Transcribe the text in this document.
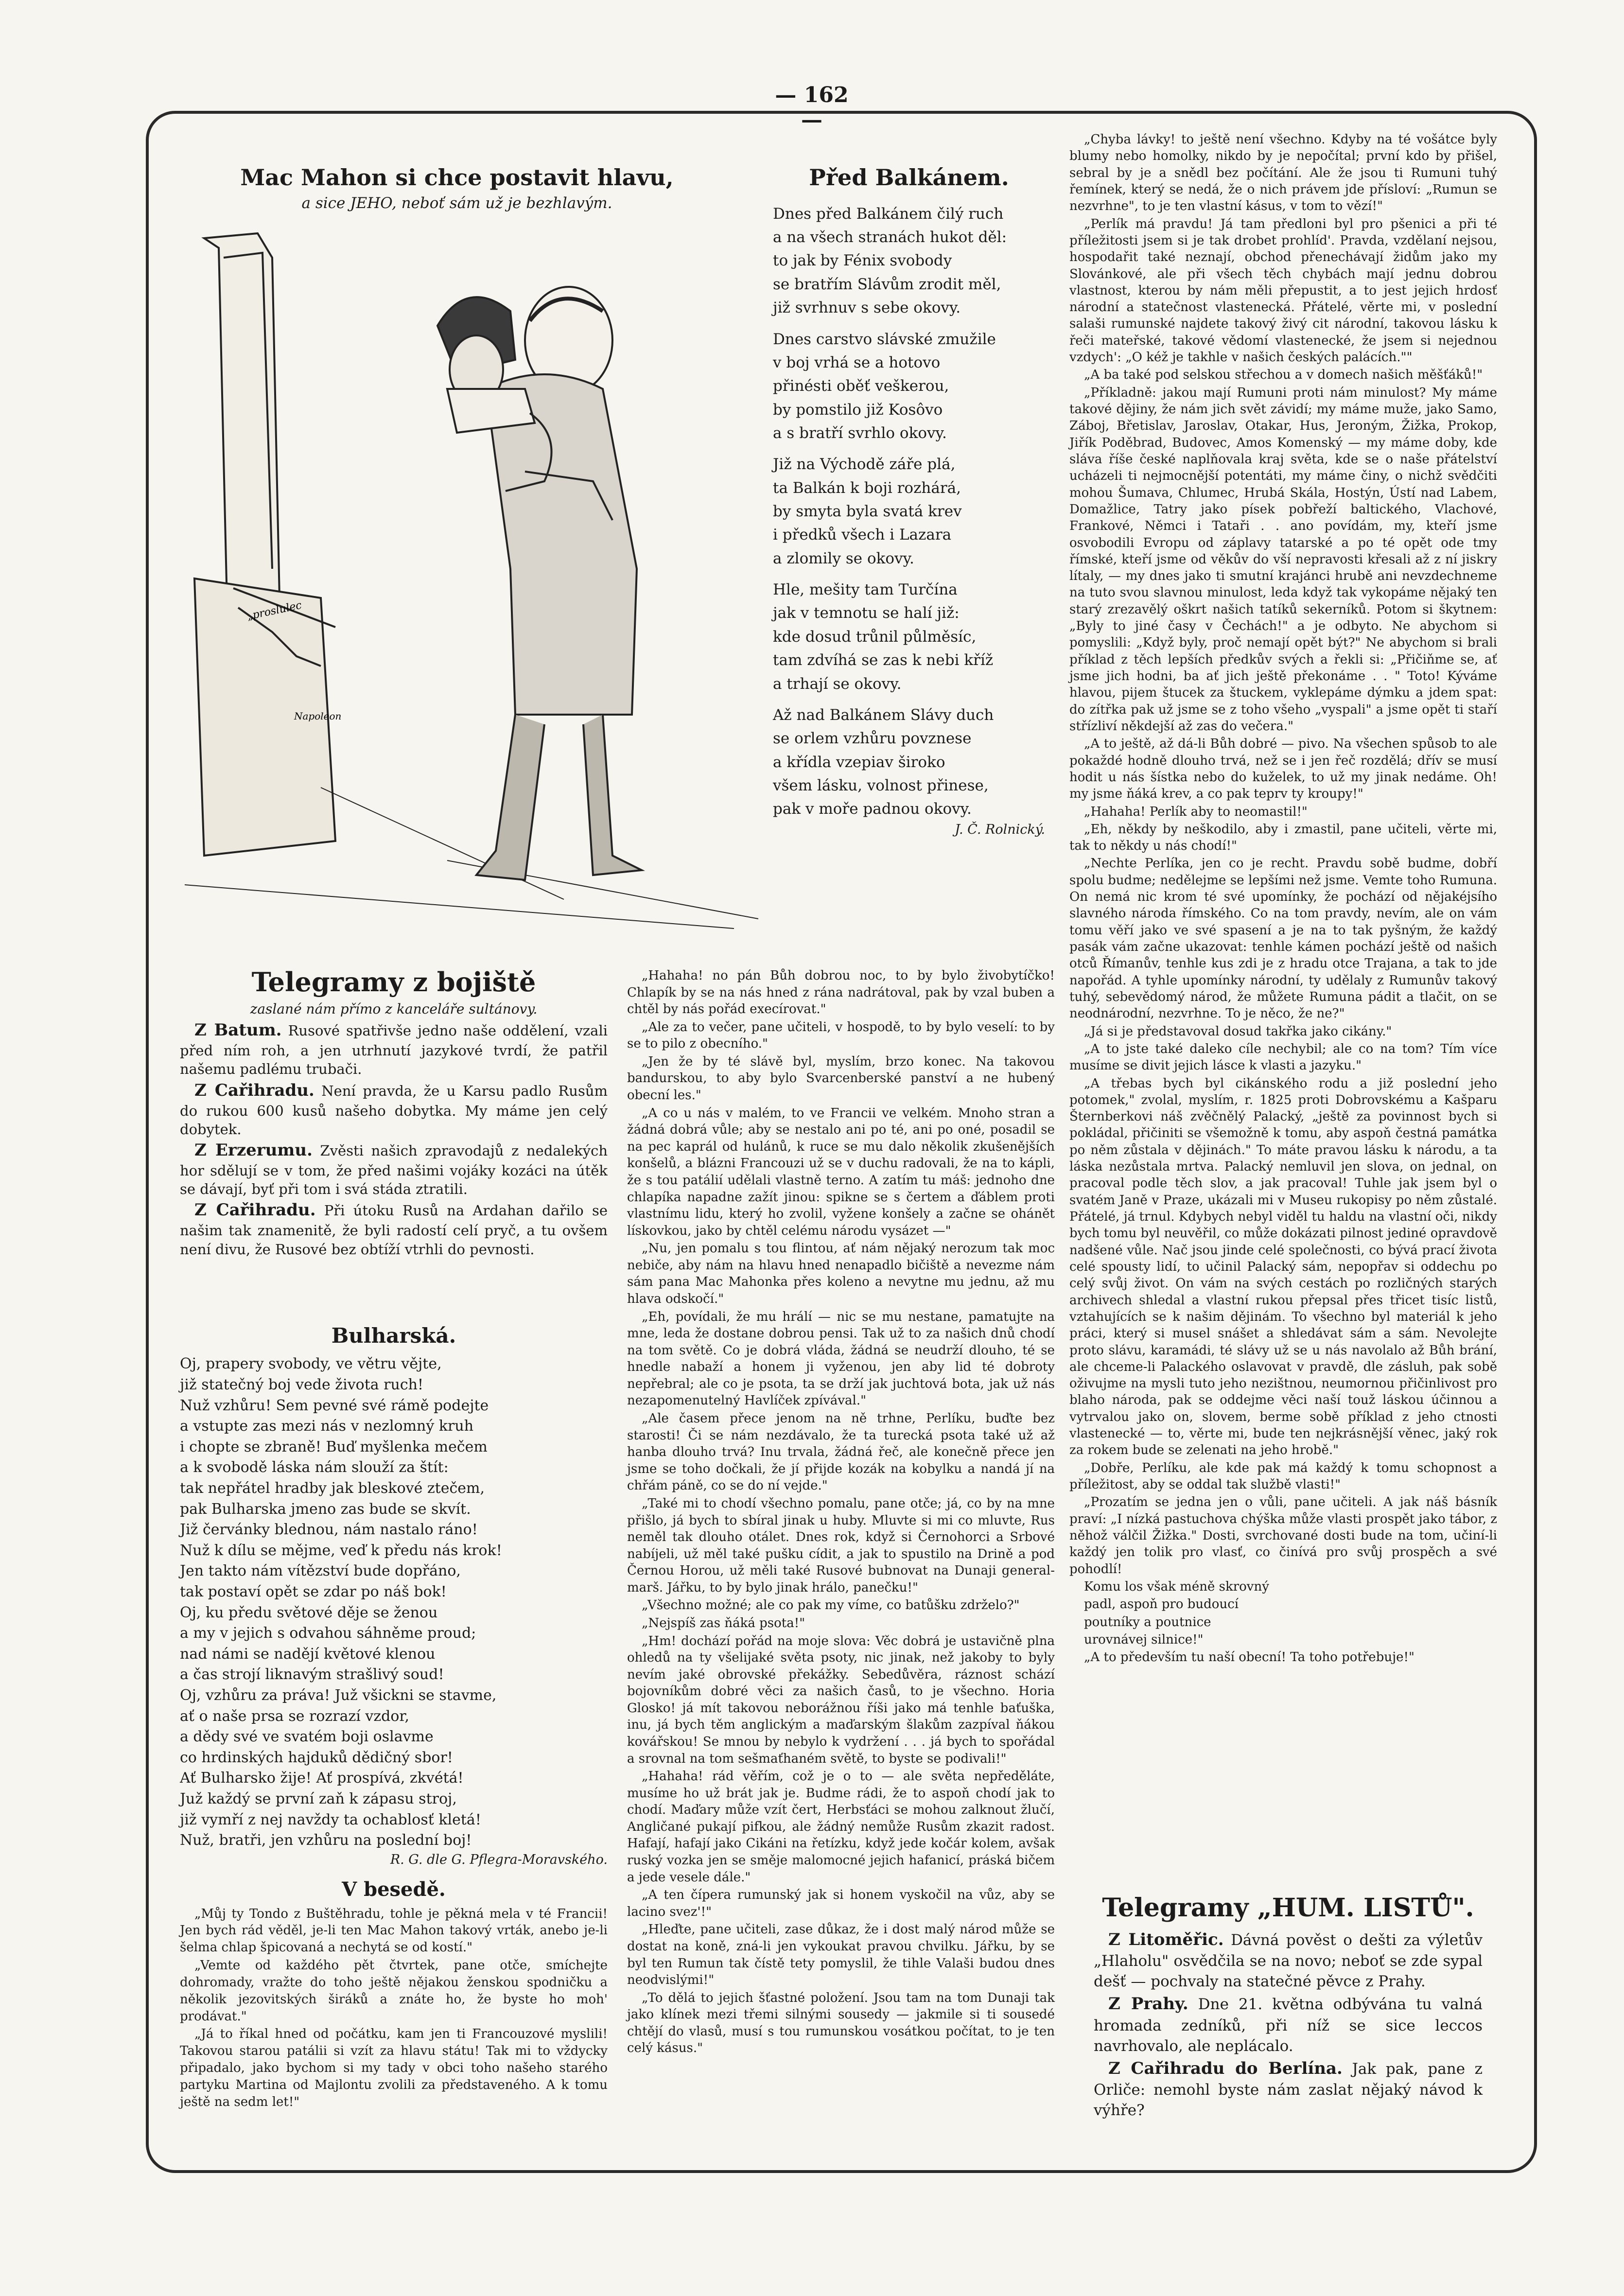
— 162 —

Mac Mahon si chce postavit hlavu,

a sice JEHO, neboť sám už je bezhlavým.

„proslulec
Napoleon

Telegramy z bojiště

zaslané nám přímo z kanceláře sultánovy.

Z Batum. Rusové spatřivše jedno naše oddělení, vzali před ním roh, a jen utrhnutí jazykové tvrdí, že patřil našemu padlému trubači.

Z Cařihradu. Není pravda, že u Karsu padlo Rusům do rukou 600 kusů našeho dobytka. My máme jen celý dobytek.

Z Erzerumu. Zvěsti našich zpravodajů z nedalekých hor sdělují se v tom, že před našimi vojáky kozáci na útěk se dávají, byť při tom i svá stáda ztratili.

Z Cařihradu. Při útoku Rusů na Ardahan dařilo se našim tak znamenitě, že byli radostí celí pryč, a tu ovšem není divu, že Rusové bez obtíží vtrhli do pevnosti.

Bulharská.

Oj, prapery svobody, ve větru vějte,
již statečný boj vede života ruch!
Nuž vzhůru! Sem pevné své rámě podejte
a vstupte zas mezi nás v nezlomný kruh
i chopte se zbraně! Buď myšlenka mečem
a k svobodě láska nám slouží za štít:
tak nepřátel hradby jak bleskové ztečem,
pak Bulharska jmeno zas bude se skvít.
Již červánky blednou, nám nastalo ráno!
Nuž k dílu se mějme, veď k předu nás krok!
Jen takto nám vítězství bude dopřáno,
tak postaví opět se zdar po náš bok!
Oj, ku předu světové děje se ženou
a my v jejich s odvahou sáhněme proud;
nad námi se nadějí květové klenou
a čas strojí liknavým strašlivý soud!
Oj, vzhůru za práva! Juž všickni se stavme,
ať o naše prsa se rozrazí vzdor,
a dědy své ve svatém boji oslavme
co hrdinských hajduků dědičný sbor!
Ať Bulharsko žije! Ať prospívá, zkvétá!
Juž každý se první zaň k zápasu stroj,
již vymří z nej navždy ta ochablosť kletá!
Nuž, bratři, jen vzhůru na poslední boj!

R. G. dle G. Pflegra-Moravského.

V besedě.

„Můj ty Tondo z Buštěhradu, tohle je pěkná mela v té Francii! Jen bych rád věděl, je-li ten Mac Mahon takový vrták, anebo je-li šelma chlap špicovaná a nechytá se od kostí."

„Vemte od každého pět čtvrtek, pane otče, smíchejte dohromady, vražte do toho ještě nějakou ženskou spodničku a několik jezovitských širáků a znáte ho, že byste ho moh' prodávat."

„Já to říkal hned od počátku, kam jen ti Francouzové myslili! Takovou starou patálii si vzít za hlavu státu! Tak mi to vždycky připadalo, jako bychom si my tady v obci toho našeho starého partyku Martina od Majlontu zvolili za představeného. A k tomu ještě na sedm let!"

Před Balkánem.

Dnes před Balkánem čilý ruch
a na všech stranách hukot děl:
to jak by Fénix svobody
se bratřím Slávům zrodit měl,
již svrhnuv s sebe okovy.

Dnes carstvo slávské zmužile
v boj vrhá se a hotovo
přinésti oběť veškerou,
by pomstilo již Kosôvo
a s bratří svrhlo okovy.

Již na Východě záře plá,
ta Balkán k boji rozhárá,
by smyta byla svatá krev
i předků všech i Lazara
a zlomily se okovy.

Hle, mešity tam Turčína
jak v temnotu se halí již:
kde dosud trůnil půlměsíc,
tam zdvíhá se zas k nebi kříž
a trhají se okovy.

Až nad Balkánem Slávy duch
se orlem vzhůru povznese
a křídla vzepiav široko
všem lásku, volnost přinese,
pak v moře padnou okovy.

J. Č. Rolnický.

„Hahaha! no pán Bůh dobrou noc, to by bylo živobytíčko! Chlapík by se na nás hned z rána nadrátoval, pak by vzal buben a chtěl by nás pořád execírovat."

„Ale za to večer, pane učiteli, v hospodě, to by bylo veselí: to by se to pilo z obecního."

„Jen že by té slávě byl, myslím, brzo konec. Na takovou bandurskou, to aby bylo Svarcenberské panství a ne hubený obecní les."

„A co u nás v malém, to ve Francii ve velkém. Mnoho stran a žádná dobrá vůle; aby se nestalo ani po té, ani po oné, posadil se na pec kaprál od hulánů, k ruce se mu dalo několik zkušenějších konšelů, a blázni Francouzi už se v duchu radovali, že na to kápli, že s tou patálií udělali vlastně terno. A zatím tu máš: jednoho dne chlapíka napadne zažít jinou: spikne se s čertem a ďáblem proti vlastnímu lidu, který ho zvolil, vyžene konšely a začne se ohánět lískovkou, jako by chtěl celému národu vysázet —"

„Nu, jen pomalu s tou flintou, ať nám nějaký nerozum tak moc nebiče, aby nám na hlavu hned nenapadlo bičiště a nevezme nám sám pana Mac Mahonka přes koleno a nevytne mu jednu, až mu hlava odskočí."

„Eh, povídali, že mu hrálí — nic se mu nestane, pamatujte na mne, leda že dostane dobrou pensi. Tak už to za našich dnů chodí na tom světě. Co je dobrá vláda, žádná se neudrží dlouho, té se hnedle nabaží a honem ji vyženou, jen aby lid té dobroty nepřebral; ale co je psota, ta se drží jak juchtová bota, jak už nás nezapomenutelný Havlíček zpívával."

„Ale časem přece jenom na ně trhne, Perlíku, buďte bez starosti! Či se nám nezdávalo, že ta turecká psota také už až hanba dlouho trvá? Inu trvala, žádná řeč, ale konečně přece jen jsme se toho dočkali, že jí přijde kozák na kobylku a nandá jí na chřám páně, co se do ní vejde."

„Také mi to chodí všechno pomalu, pane otče; já, co by na mne přišlo, já bych to sbíral jinak u huby. Mluvte si mi co mluvte, Rus neměl tak dlouho otálet. Dnes rok, když si Černohorci a Srbové nabíjeli, už měl také pušku cídit, a jak to spustilo na Drině a pod Černou Horou, už měli také Rusové bubnovat na Dunaji general-marš. Jářku, to by bylo jinak hrálo, panečku!"

„Všechno možné; ale co pak my víme, co batůšku zdrželo?"

„Nejspíš zas ňáká psota!"

„Hm! dochází pořád na moje slova: Věc dobrá je ustavičně plna ohledů na ty všelijaké světa psoty, nic jinak, než jakoby to byly nevím jaké obrovské překážky. Sebedůvěra, ráznost schází bojovníkům dobré věci za našich časů, to je všechno. Horia Glosko! já mít takovou neborážnou říši jako má tenhle baťuška, inu, já bych těm anglickým a maďarským šlakům zazpíval ňákou kovářskou! Se mnou by nebylo k vydržení . . . já bych to spořádal a srovnal na tom sešmaťhaném světě, to byste se podivali!"

„Hahaha! rád věřím, což je o to — ale světa nepředěláte, musíme ho už brát jak je. Budme rádi, že to aspoň chodí jak to chodí. Maďary může vzít čert, Herbsťáci se mohou zalknout žlučí, Angličané pukají pifkou, ale žádný nemůže Rusům zkazit radost. Hafají, hafají jako Cikáni na řetízku, když jede kočár kolem, avšak ruský vozka jen se směje malomocné jejich hafanicí, práská bičem a jede vesele dále."

„A ten čípera rumunský jak si honem vyskočil na vůz, aby se lacino svez'!"

„Hleďte, pane učiteli, zase důkaz, že i dost malý národ může se dostat na koně, zná-li jen vykoukat pravou chvilku. Jářku, by se byl ten Rumun tak čístě tety pomyslil, že tihle Valaši budou dnes neodvislými!"

„To dělá to jejich šťastné položení. Jsou tam na tom Dunaji tak jako klínek mezi třemi silnými sousedy — jakmile si ti sousedé chtějí do vlasů, musí s tou rumunskou vosátkou počítat, to je ten celý kásus."

„Chyba lávky! to ještě není všechno. Kdyby na té vošátce byly blumy nebo homolky, nikdo by je nepočítal; první kdo by přišel, sebral by je a snědl bez počítání. Ale že jsou ti Rumuni tuhý řemínek, který se nedá, že o nich právem jde přísloví: „Rumun se nezvrhne", to je ten vlastní kásus, v tom to vězí!"

„Perlík má pravdu! Já tam předloni byl pro pšenici a při té příležitosti jsem si je tak drobet prohlíd'. Pravda, vzdělaní nejsou, hospodařit také neznají, obchod přenechávají židům jako my Slovánkové, ale při všech těch chybách mají jednu dobrou vlastnost, kterou by nám měli přepustit, a to jest jejich hrdosť národní a statečnost vlastenecká. Přátelé, věrte mi, v poslední salaši rumunské najdete takový živý cit národní, takovou lásku k řeči mateřské, takové vědomí vlastenecké, že jsem si nejednou vzdych': „O kéž je takhle v našich českých palácích.""

„A ba také pod selskou střechou a v domech našich měšťáků!"

„Příkladně: jakou mají Rumuni proti nám minulost? My máme takové dějiny, že nám jich svět závidí; my máme muže, jako Samo, Záboj, Břetislav, Jaroslav, Otakar, Hus, Jeroným, Žižka, Prokop, Jiřík Poděbrad, Budovec, Amos Komenský — my máme doby, kde sláva říše české naplňovala kraj světa, kde se o naše přátelství ucházeli ti nejmocnější potentáti, my máme činy, o nichž svědčiti mohou Šumava, Chlumec, Hrubá Skála, Hostýn, Ústí nad Labem, Domažlice, Tatry jako písek pobřeží baltického, Vlachové, Frankové, Němci i Tataři . . ano povídám, my, kteří jsme osvobodili Evropu od záplavy tatarské a po té opět ode tmy římské, kteří jsme od věkův do vší nepravosti křesali až z ní jiskry lítaly, — my dnes jako ti smutní krajánci hrubě ani nevzdechneme na tuto svou slavnou minulost, leda když tak vykopáme nějaký ten starý zrezavělý oškrt našich tatíků sekerníků. Potom si škytnem: „Byly to jiné časy v Čechách!" a je odbyto. Ne abychom si pomyslili: „Když byly, proč nemají opět být?" Ne abychom si brali příklad z těch lepších předkův svých a řekli si: „Přičiňme se, ať jsme jich hodni, ba ať jich ještě překonáme . . " Toto! Kýváme hlavou, pijem štucek za štuckem, vyklepáme dýmku a jdem spat: do zítřka pak už jsme se z toho všeho „vyspali" a jsme opět ti staří střízliví někdejší až zas do večera."

„A to ještě, až dá-li Bůh dobré — pivo. Na všechen spůsob to ale pokaždé hodně dlouho trvá, než se i jen řeč rozdělá; dřív se musí hodit u nás šístka nebo do kuželek, to už my jinak nedáme. Oh! my jsme ňáká krev, a co pak teprv ty kroupy!"

„Hahaha! Perlík aby to neomastil!"

„Eh, někdy by neškodilo, aby i zmastil, pane učiteli, věrte mi, tak to někdy u nás chodí!"

„Nechte Perlíka, jen co je recht. Pravdu sobě budme, dobří spolu budme; nedělejme se lepšími než jsme. Vemte toho Rumuna. On nemá nic krom té své upomínky, že pochází od nějakéjsího slavného národa římského. Co na tom pravdy, nevím, ale on vám tomu věří jako ve své spasení a je na to tak pyšným, že každý pasák vám začne ukazovat: tenhle kámen pochází ještě od našich otců Římanův, tenhle kus zdi je z hradu otce Trajana, a tak to jde napořád. A tyhle upomínky národní, ty udělaly z Rumunův takový tuhý, sebevědomý národ, že můžete Rumuna pádit a tlačit, on se neodnárodní, nezvrhne. To je něco, že ne?"

„Já si je představoval dosud takřka jako cikány."

„A to jste také daleko cíle nechybil; ale co na tom? Tím více musíme se divit jejich lásce k vlasti a jazyku."

„A třebas bych byl cikánského rodu a již poslední jeho potomek," zvolal, myslím, r. 1825 proti Dobrovskému a Kašparu Šternberkovi náš zvěčnělý Palacký, „ještě za povinnost bych si pokládal, přičiniti se všemožně k tomu, aby aspoň čestná památka po něm zůstala v dějinách." To máte pravou lásku k národu, a ta láska nezůstala mrtva. Palacký nemluvil jen slova, on jednal, on pracoval podle těch slov, a jak pracoval! Tuhle jak jsem byl o svatém Janě v Praze, ukázali mi v Museu rukopisy po něm zůstalé. Přátelé, já trnul. Kdybych nebyl viděl tu haldu na vlastní oči, nikdy bych tomu byl neuvěřil, co může dokázati pilnost jediné opravdově nadšené vůle. Nač jsou jinde celé společnosti, co bývá prací života celé spousty lidí, to učinil Palacký sám, nepopřav si oddechu po celý svůj život. On vám na svých cestách po rozličných starých archivech shledal a vlastní rukou přepsal přes třicet tisíc listů, vztahujících se k našim dějinám. To všechno byl materiál k jeho práci, který si musel snášet a shledávat sám a sám. Nevolejte proto slávu, karamádi, té slávy už se u nás navolalo až Bůh brání, ale chceme-li Palackého oslavovat v pravdě, dle zásluh, pak sobě oživujme na mysli tuto jeho nezištnou, neumornou přičinlivost pro blaho národa, pak se oddejme věci naší touž láskou účinnou a vytrvalou jako on, slovem, berme sobě příklad z jeho ctnosti vlastenecké — to, věrte mi, bude ten nejkrásnější věnec, jaký rok za rokem bude se zelenati na jeho hrobě."

„Dobře, Perlíku, ale kde pak má každý k tomu schopnost a příležitost, aby se oddal tak službě vlasti!"

„Prozatím se jedna jen o vůli, pane učiteli. A jak náš básník praví: „I nízká pastuchova chýška může vlasti prospět jako tábor, z něhož válčil Žižka." Dosti, svrchované dosti bude na tom, učiní-li každý jen tolik pro vlasť, co činívá pro svůj prospěch a své pohodlí!

Komu los však méně skrovný

padl, aspoň pro budoucí

poutníky a poutnice

urovnávej silnice!"

„A to především tu naší obecní! Ta toho potřebuje!"

Telegramy „HUM. LISTŮ".

Z Litoměřic. Dávná pověst o dešti za výletův „Hlaholu" osvědčila se na novo; neboť se zde sypal dešť — pochvaly na statečné pěvce z Prahy.

Z Prahy. Dne 21. května odbývána tu valná hromada zedníků, při níž se sice leccos navrhovalo, ale neplácalo.

Z Cařihradu do Berlína. Jak pak, pane z Orliče: nemohl byste nám zaslat nějaký návod k výhře?
